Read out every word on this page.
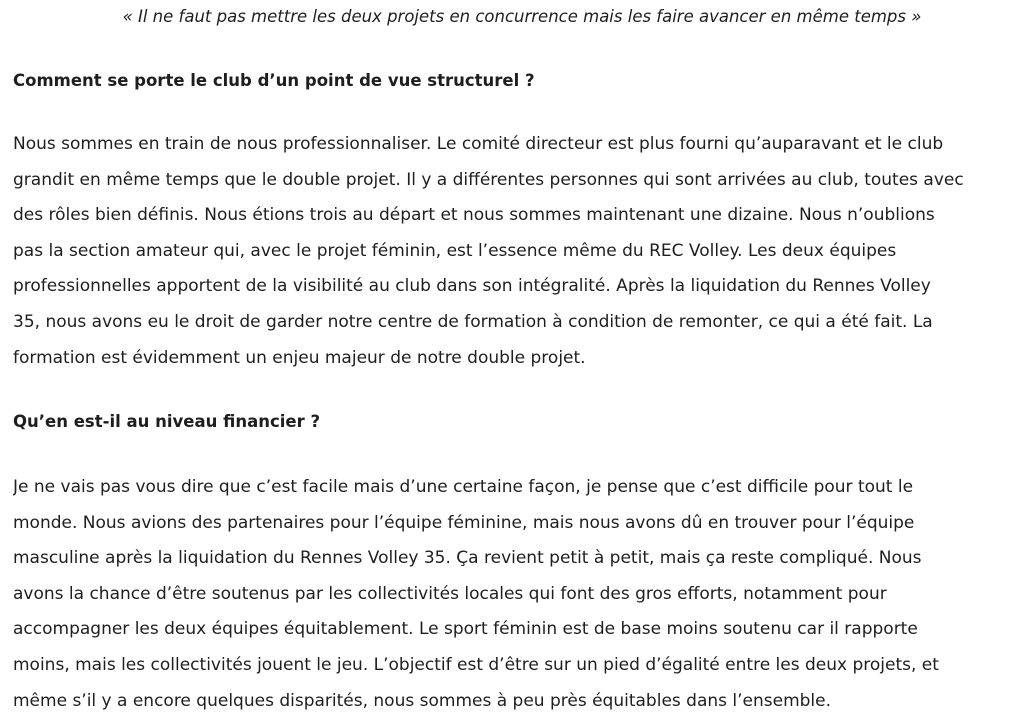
« Il ne faut pas mettre les deux projets en concurrence mais les faire avancer en même temps »
Comment se porte le club d’un point de vue structurel ?
Nous sommes en train de nous professionnaliser. Le comité directeur est plus fourni qu’auparavant et le club
grandit en même temps que le double projet. Il y a différentes personnes qui sont arrivées au club, toutes avec
des rôles bien définis. Nous étions trois au départ et nous sommes maintenant une dizaine. Nous n’oublions
pas la section amateur qui, avec le projet féminin, est l’essence même du REC Volley. Les deux équipes
professionnelles apportent de la visibilité au club dans son intégralité. Après la liquidation du Rennes Volley
35, nous avons eu le droit de garder notre centre de formation à condition de remonter, ce qui a été fait. La
formation est évidemment un enjeu majeur de notre double projet.
Qu’en est-il au niveau financier ?
Je ne vais pas vous dire que c’est facile mais d’une certaine façon, je pense que c’est difficile pour tout le
monde. Nous avions des partenaires pour l’équipe féminine, mais nous avons dû en trouver pour l’équipe
masculine après la liquidation du Rennes Volley 35. Ça revient petit à petit, mais ça reste compliqué. Nous
avons la chance d’être soutenus par les collectivités locales qui font des gros efforts, notamment pour
accompagner les deux équipes équitablement. Le sport féminin est de base moins soutenu car il rapporte
moins, mais les collectivités jouent le jeu. L’objectif est d’être sur un pied d’égalité entre les deux projets, et
même s’il y a encore quelques disparités, nous sommes à peu près équitables dans l’ensemble.
